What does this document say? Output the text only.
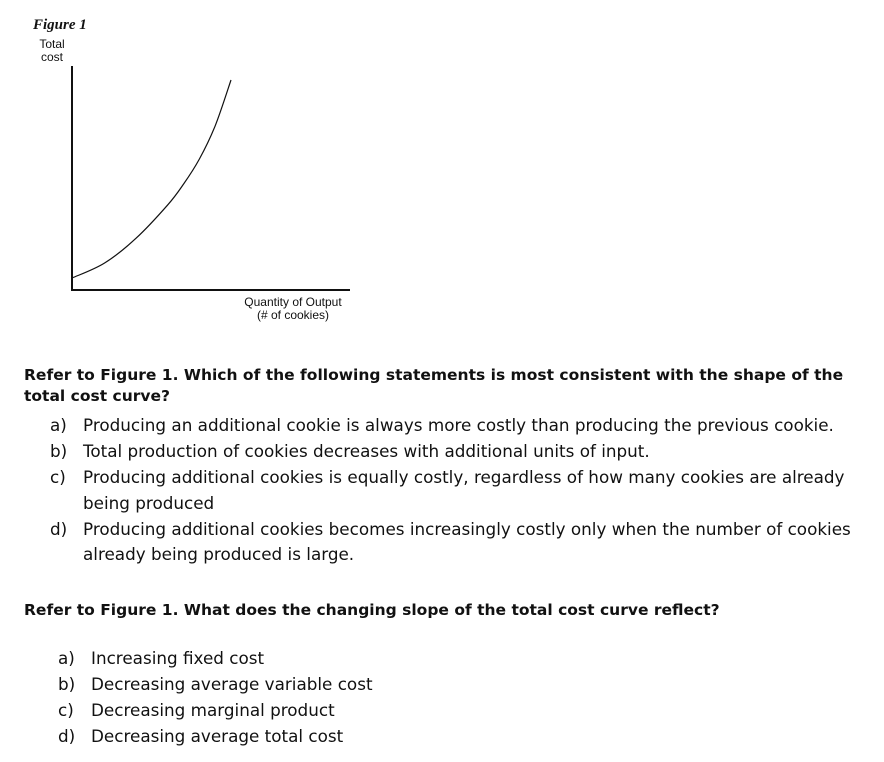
Figure 1
Total
cost
Quantity of Output
(# of cookies)
Refer to Figure 1. Which of the following statements is most consistent with the shape of the total cost curve?
a) Producing an additional cookie is always more costly than producing the previous cookie.
b) Total production of cookies decreases with additional units of input.
c)	Producing additional cookies is equally costly, regardless of how many cookies are already being produced
d) Producing additional cookies becomes increasingly costly only when the number of cookies already being produced is large.
Refer to Figure 1. What does the changing slope of the total cost curve reflect?
a) Increasing fixed cost
b) Decreasing average variable cost
c)	Decreasing marginal product
d) Decreasing average total cost
